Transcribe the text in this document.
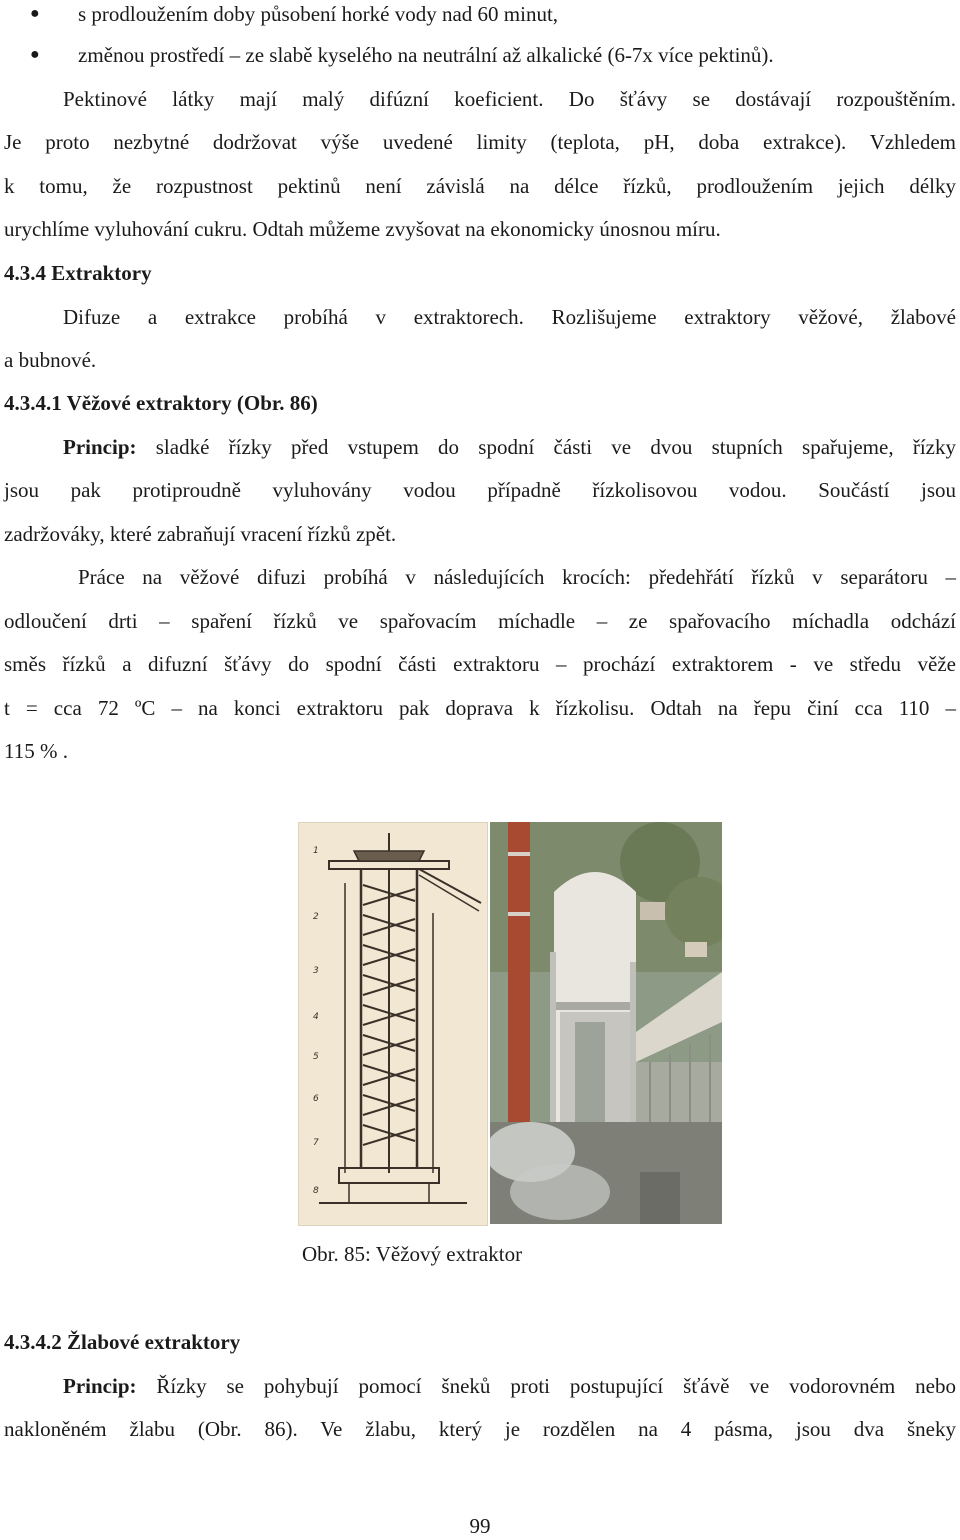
● s prodloužením doby působení horké vody nad 60 minut,
● změnou prostředí – ze slabě kyselého na neutrální až alkalické (6-7x více pektinů).
Pektinové látky mají malý difúzní koeficient. Do šťávy se dostávají rozpouštěním.
Je proto nezbytné dodržovat výše uvedené limity (teplota, pH, doba extrakce). Vzhledem
k tomu, že rozpustnost pektinů není závislá na délce řízků, prodloužením jejich délky
urychlíme vyluhování cukru. Odtah můžeme zvyšovat na ekonomicky únosnou míru.
4.3.4 Extraktory
Difuze a extrakce probíhá v extraktorech. Rozlišujeme extraktory věžové, žlabové
a bubnové.
4.3.4.1 Věžové extraktory (Obr. 86)
Princip: sladké řízky před vstupem do spodní části ve dvou stupních spařujeme, řízky
jsou pak protiproudně vyluhovány vodou případně řízkolisovou vodou. Součástí jsou
zadržováky, které zabraňují vracení řízků zpět.
Práce na věžové difuzi probíhá v následujících krocích: předehřátí řízků v separátoru –
odloučení drti – spaření řízků ve spařovacím míchadle – ze spařovacího míchadla odchází
směs řízků a difuzní šťávy do spodní části extraktoru – prochází extraktorem - ve středu věže
t = cca 72 ºC – na konci extraktoru pak doprava k řízkolisu. Odtah na řepu činí cca 110 –
115 % .
1
2
3
4
5
6
7
8
Obr. 85: Věžový extraktor
4.3.4.2 Žlabové extraktory
Princip: Řízky se pohybují pomocí šneků proti postupující šťávě ve vodorovném nebo
nakloněném žlabu (Obr. 86). Ve žlabu, který je rozdělen na 4 pásma, jsou dva šneky
99
